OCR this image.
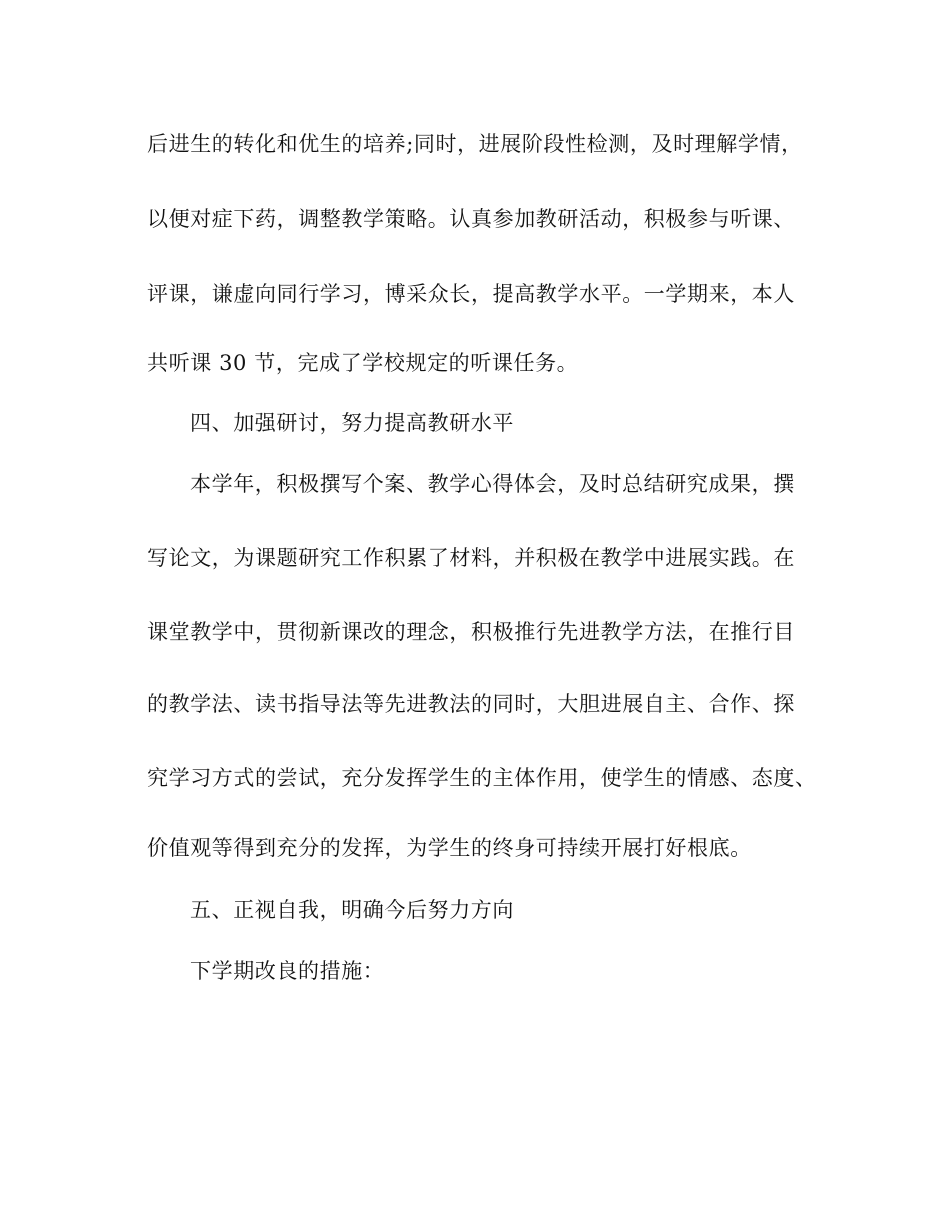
后进生的转化和优生的培养;同时，进展阶段性检测，及时理解学情，

以便对症下药，调整教学策略。认真参加教研活动，积极参与听课、

评课，谦虚向同行学习，博采众长，提高教学水平。一学期来，本人

共听课 30 节，完成了学校规定的听课任务。

四、加强研讨，努力提高教研水平

本学年，积极撰写个案、教学心得体会，及时总结研究成果，撰

写论文，为课题研究工作积累了材料，并积极在教学中进展实践。在

课堂教学中，贯彻新课改的理念，积极推行先进教学方法，在推行目

的教学法、读书指导法等先进教法的同时，大胆进展自主、合作、探

究学习方式的尝试，充分发挥学生的主体作用，使学生的情感、态度、

价值观等得到充分的发挥，为学生的终身可持续开展打好根底。

五、正视自我，明确今后努力方向

下学期改良的措施：
